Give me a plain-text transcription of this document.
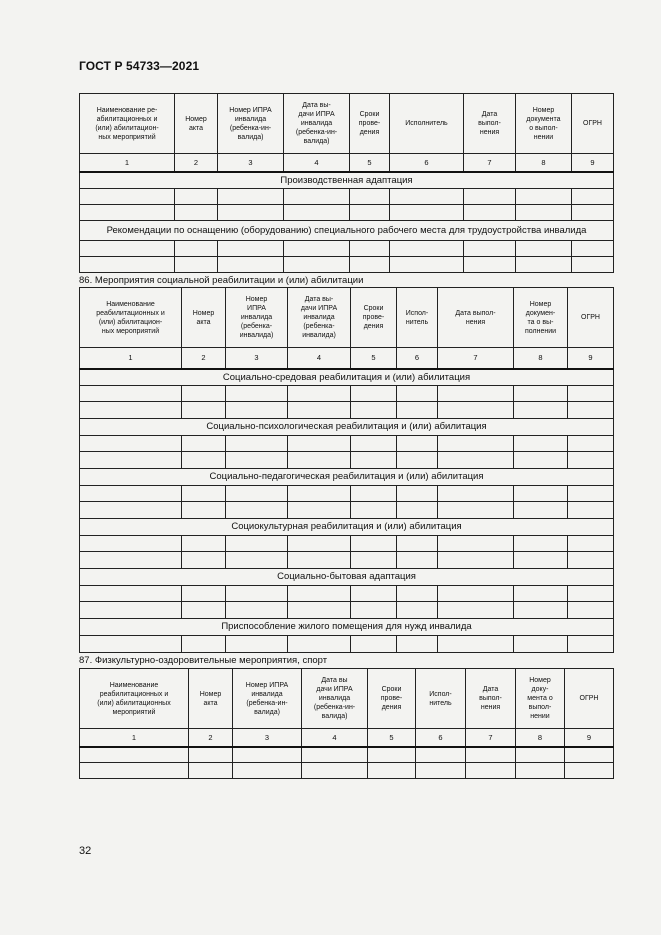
ГОСТ Р 54733—2021
Наименование ре-
абилитационных и
(или) абилитацион-
ных мероприятий	Номер
акта	Номер ИПРА
инвалида
(ребенка-ин-
валида)	Дата вы-
дачи ИПРА
инвалида
(ребенка-ин-
валида)	Сроки
прове-
дения	Исполнитель	Дата
выпол-
нения	Номер
документа
о выпол-
нении	ОГРН
1	2	3	4	5	6	7	8	9
Производственная адаптация								

Рекомендации по оснащению (оборудованию) специального рабочего места для трудоустройства инвалида								

86. Мероприятия социальной реабилитации и (или) абилитации
Наименование
реабилитационных и
(или) абилитацион-
ных мероприятий	Номер
акта	Номер
ИПРА
инвалида
(ребенка-
инвалида)	Дата вы-
дачи ИПРА
инвалида
(ребенка-
инвалида)	Сроки
прове-
дения	Испол-
нитель	Дата выпол-
нения	Номер
докумен-
та о вы-
полнении	ОГРН
1	2	3	4	5	6	7	8	9
Социально-средовая реабилитация и (или) абилитация								

Социально-психологическая реабилитация и (или) абилитация								

Социально-педагогическая реабилитация и (или) абилитация								

Социокультурная реабилитация и (или) абилитация								

Социально-бытовая адаптация								

Приспособление жилого помещения для нужд инвалида								

87. Физкультурно-оздоровительные мероприятия, спорт
Наименование
реабилитационных и
(или) абилитационных
мероприятий	Номер
акта	Номер ИПРА
инвалида
(ребенка-ин-
валида)	Дата вы
дачи ИПРА
инвалида
(ребенка-ин-
валида)	Сроки
прове-
дения	Испол-
нитель	Дата
выпол-
нения	Номер
доку-
мента о
выпол-
нении	ОГРН
1	2	3	4	5	6	7	8	9

32
